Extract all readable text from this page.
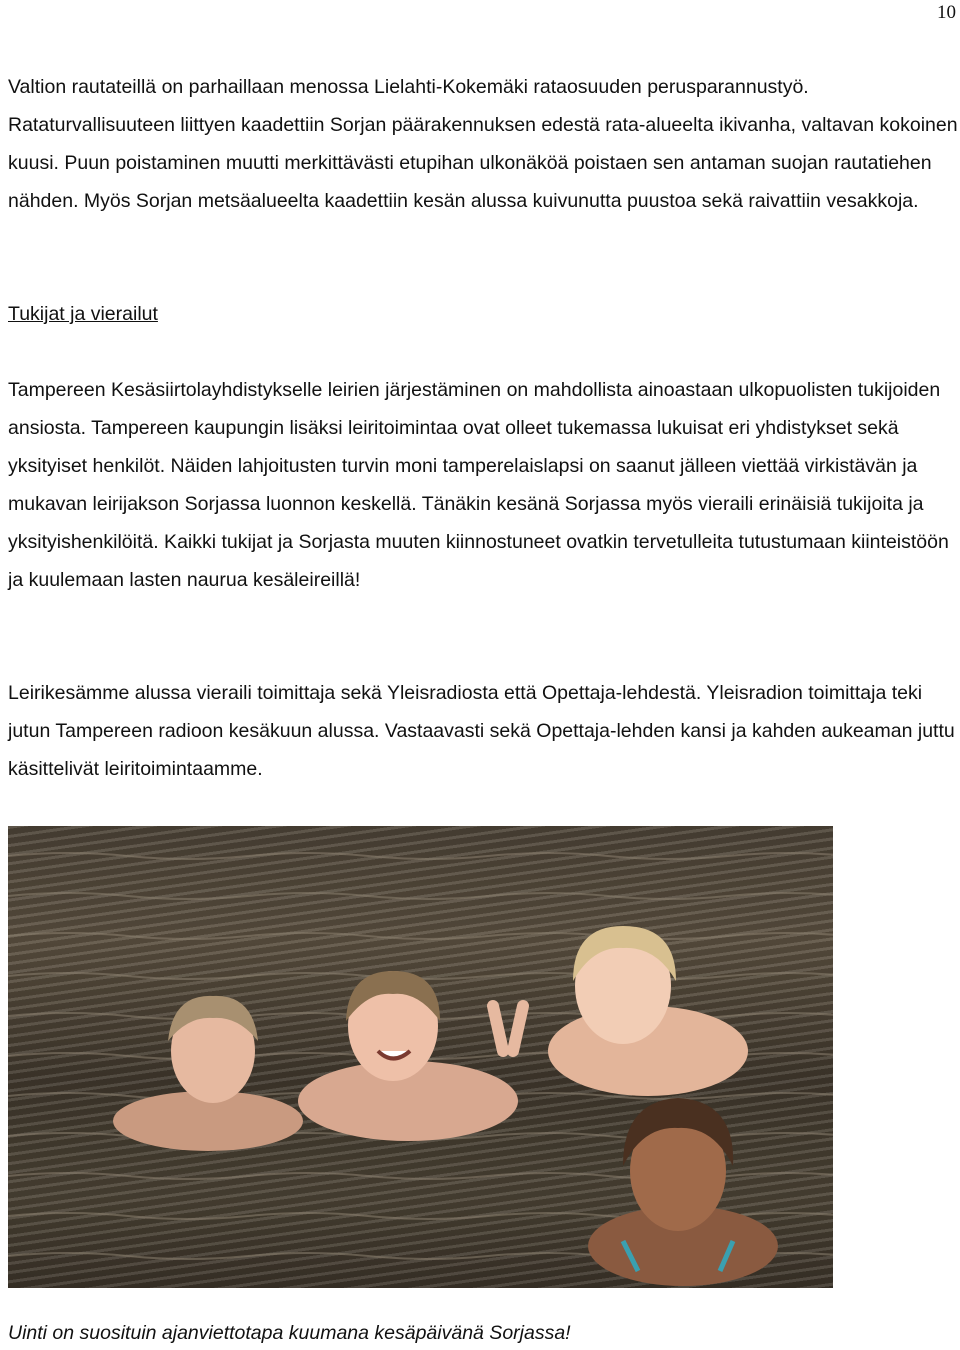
10

Valtion rautateillä on parhaillaan menossa Lielahti-Kokemäki rataosuuden perusparannustyö. Rataturvallisuuteen liittyen kaadettiin Sorjan päärakennuksen edestä rata-alueelta ikivanha, valtavan kokoinen kuusi. Puun poistaminen muutti merkittävästi etupihan ulkonäköä poistaen sen antaman suojan rautatiehen nähden. Myös Sorjan metsäalueelta kaadettiin kesän alussa kuivunutta puustoa sekä raivattiin vesakkoja.

Tukijat ja vierailut

Tampereen Kesäsiirtolayhdistykselle leirien järjestäminen on mahdollista ainoastaan ulkopuolisten tukijoiden ansiosta. Tampereen kaupungin lisäksi leiritoimintaa ovat olleet tukemassa lukuisat eri yhdistykset sekä yksityiset henkilöt. Näiden lahjoitusten turvin moni tamperelaislapsi on saanut jälleen viettää virkistävän ja mukavan leirijakson Sorjassa luonnon keskellä. Tänäkin kesänä Sorjassa myös vieraili erinäisiä tukijoita ja yksityishenkilöitä. Kaikki tukijat ja Sorjasta muuten kiinnostuneet ovatkin tervetulleita tutustumaan kiinteistöön ja kuulemaan lasten naurua kesäleireillä!

Leirikesämme alussa vieraili toimittaja sekä Yleisradiosta että Opettaja-lehdestä. Yleisradion toimittaja teki jutun Tampereen radioon kesäkuun alussa. Vastaavasti sekä Opettaja-lehden kansi ja kahden aukeaman juttu käsittelivät leiritoimintaamme.

Uinti on suosituin ajanviettotapa kuumana kesäpäivänä Sorjassa!
